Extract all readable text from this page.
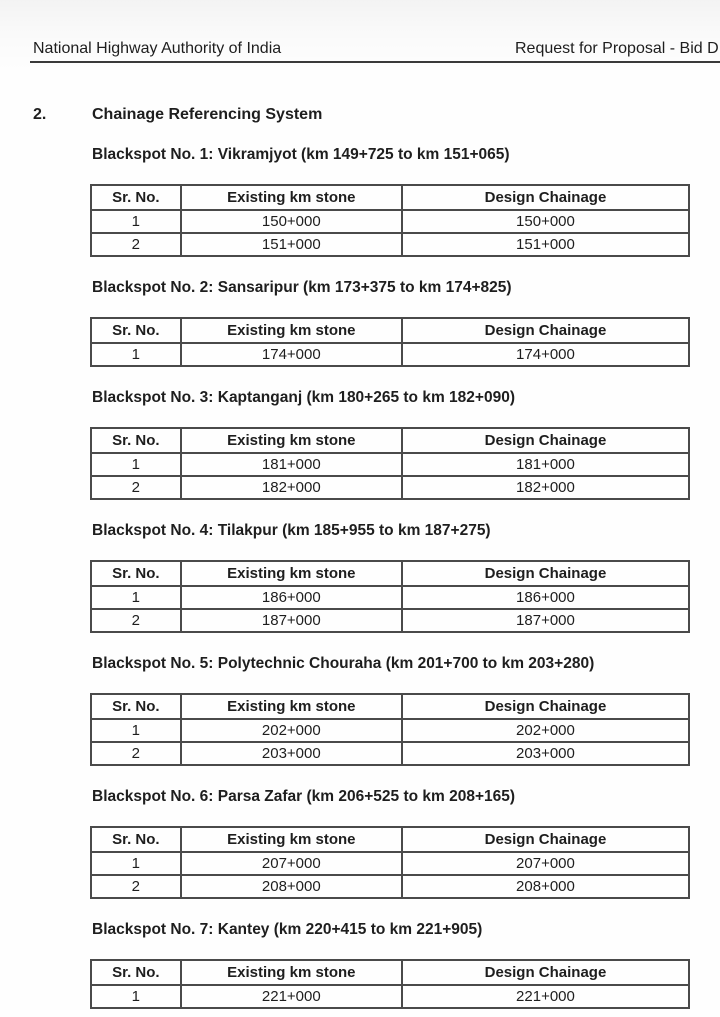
National Highway Authority of India	Request for Proposal - Bid D
2.	Chainage Referencing System
Blackspot No. 1: Vikramjyot (km 149+725 to km 151+065)
Sr. No.	Existing km stone	Design Chainage
1	150+000	150+000
2	151+000	151+000
Blackspot No. 2: Sansaripur (km 173+375 to km 174+825)
Sr. No.	Existing km stone	Design Chainage
1	174+000	174+000
Blackspot No. 3: Kaptanganj (km 180+265 to km 182+090)
Sr. No.	Existing km stone	Design Chainage
1	181+000	181+000
2	182+000	182+000
Blackspot No. 4: Tilakpur (km 185+955 to km 187+275)
Sr. No.	Existing km stone	Design Chainage
1	186+000	186+000
2	187+000	187+000
Blackspot No. 5: Polytechnic Chouraha (km 201+700 to km 203+280)
Sr. No.	Existing km stone	Design Chainage
1	202+000	202+000
2	203+000	203+000
Blackspot No. 6: Parsa Zafar (km 206+525 to km 208+165)
Sr. No.	Existing km stone	Design Chainage
1	207+000	207+000
2	208+000	208+000
Blackspot No. 7: Kantey (km 220+415 to km 221+905)
Sr. No.	Existing km stone	Design Chainage
1	221+000	221+000
